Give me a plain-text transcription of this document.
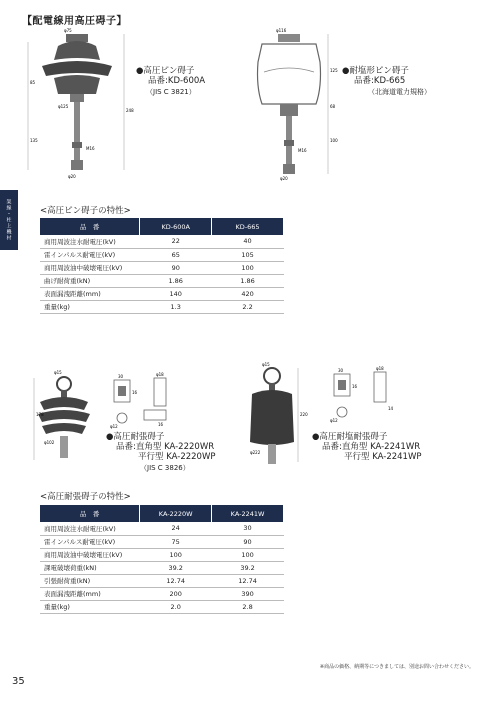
【配電線用高圧碍子】
架線・柱上機材
85
248
135
φ75
φ125
M16
φ20
●高圧ピン碍子
品番:KD-600A
（JIS C 3821）
φ116
125
68
100
M16
φ20
●耐塩形ピン碍子
品番:KD-665
（北海道電力規格）
<高圧ピン碍子の特性>
品　番	KD-600A	KD-665
商用周波注水耐電圧(kV)	22	40
雷インパルス耐電圧(kV)	65	105
商用周波油中破壊電圧(kV)	90	100
曲げ耐荷重(kN)	1.86	1.86
表面漏洩距離(mm)	140	420
重量(kg)	1.3	2.2
178
φ15
φ102
30
16
φ12
φ18
16
●高圧耐張碍子
品番:直角型 KA-2220WR
平行型 KA-2220WP
（JIS C 3826）
220
φ15
φ222
30
16
φ12
φ18
14
●高圧耐塩耐張碍子
品番:直角型 KA-2241WR
平行型 KA-2241WP
<高圧耐張碍子の特性>
品　番	KA-2220W	KA-2241W
商用周波注水耐電圧(kV)	24	30
雷インパルス耐電圧(kV)	75	90
商用周波油中破壊電圧(kV)	100	100
課電破壊荷重(kN)	39.2	39.2
引張耐荷重(kN)	12.74	12.74
表面漏洩距離(mm)	200	390
重量(kg)	2.0	2.8
※商品の価格、納期等につきましては、別途お問い合わせください。
35
